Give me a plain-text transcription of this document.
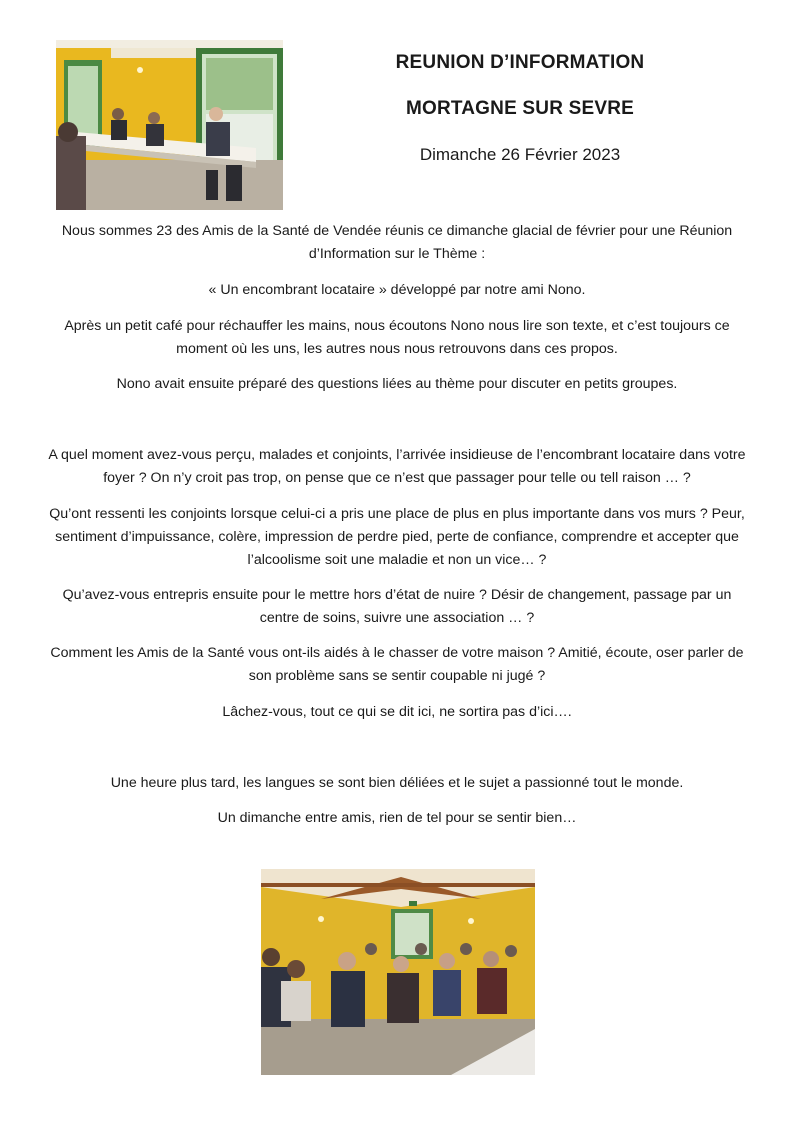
REUNION D’INFORMATION
MORTAGNE SUR SEVRE
Dimanche 26 Février 2023

Nous sommes 23 des Amis de la Santé de Vendée réunis ce dimanche glacial de février pour une Réunion d’Information sur le Thème :

« Un encombrant locataire » développé par notre ami Nono.

Après un petit café pour réchauffer les mains, nous écoutons Nono nous lire son texte, et c’est toujours ce moment où les uns, les autres nous nous retrouvons dans ces propos.

Nono avait ensuite préparé des questions liées au thème pour discuter en petits groupes.

A quel moment avez-vous perçu, malades et conjoints, l’arrivée insidieuse de l’encombrant locataire dans votre foyer ? On n’y croit pas trop, on pense que ce n’est que passager pour telle ou tell raison … ?

Qu’ont ressenti les conjoints lorsque celui-ci a pris une place de plus en plus importante dans vos murs ? Peur, sentiment d’impuissance, colère, impression de perdre pied, perte de confiance, comprendre et accepter que l’alcoolisme soit une maladie et non un vice… ?

Qu’avez-vous entrepris ensuite pour le mettre hors d’état de nuire ? Désir de changement, passage par un centre de soins, suivre une association … ?

Comment les Amis de la Santé vous ont-ils aidés à le chasser de votre maison ? Amitié, écoute, oser parler de son problème sans se sentir coupable ni jugé ?

Lâchez-vous, tout ce qui se dit ici, ne sortira pas d’ici….

Une heure plus tard, les langues se sont bien déliées et le sujet a passionné tout le monde.

Un dimanche entre amis, rien de tel pour se sentir bien…
